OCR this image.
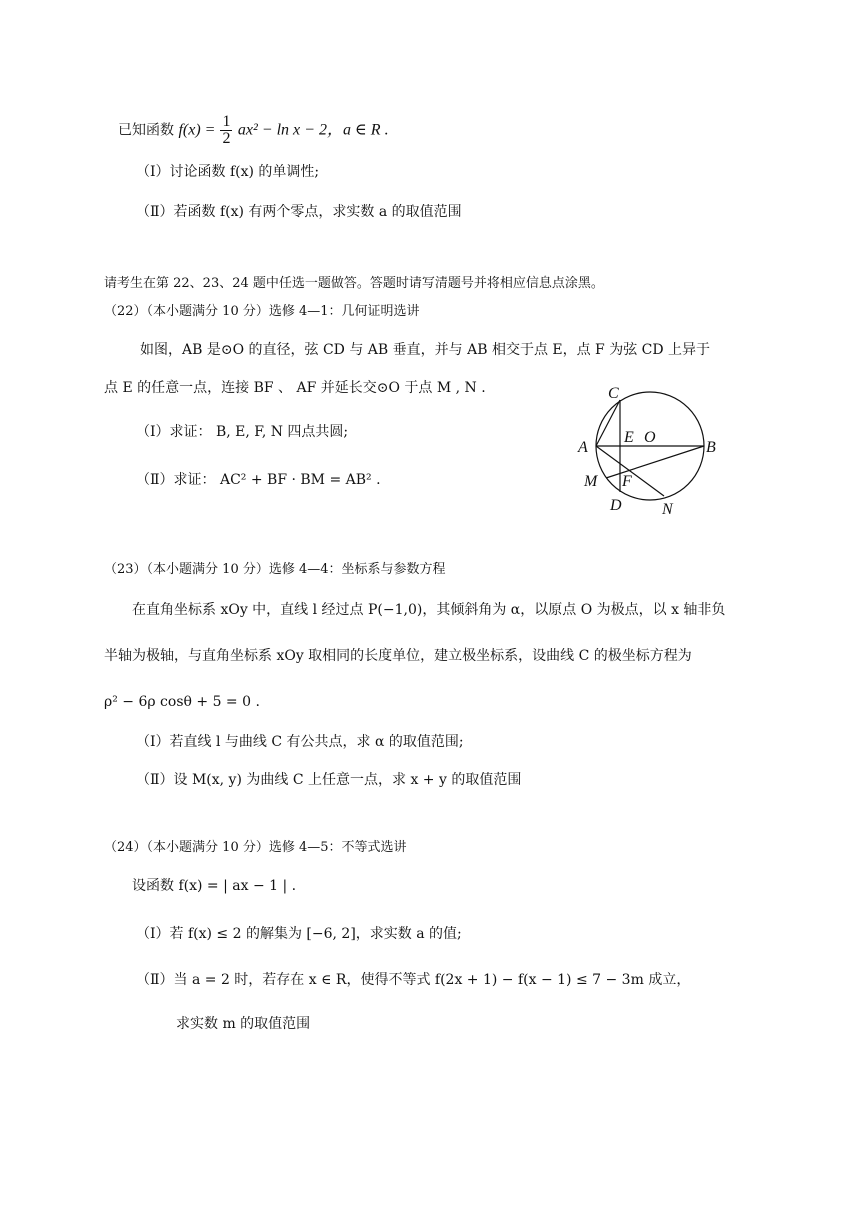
已知函数 $f(x) = \frac{1}{2} ax^2 - \ln x - 2$，a ∈ R .
（Ⅰ）讨论函数 f(x) 的单调性;
（Ⅱ）若函数 f(x) 有两个零点，求实数 a 的取值范围
请考生在第 22、23、24 题中任选一题做答。答题时请写清题号并将相应信息点涂黑。
（22）（本小题满分 10 分）选修 4—1：几何证明选讲
如图，AB 是⊙O 的直径，弦 CD 与 AB 垂直，并与 AB 相交于点 E，点 F 为弦 CD 上异于
点 E 的任意一点，连接 BF 、 AF 并延长交⊙O 于点 M , N .
（Ⅰ）求证： B, E, F, N 四点共圆;
（Ⅱ）求证： AC² + BF · BM = AB² .
C
E O
A	B
M F
D	N
（23）（本小题满分 10 分）选修 4—4：坐标系与参数方程
在直角坐标系 xOy 中，直线 l 经过点 P(−1,0)，其倾斜角为 α，以原点 O 为极点，以 x 轴非负
半轴为极轴，与直角坐标系 xOy 取相同的长度单位，建立极坐标系，设曲线 C 的极坐标方程为
ρ² − 6ρ cosθ + 5 = 0 .
（Ⅰ）若直线 l 与曲线 C 有公共点，求 α 的取值范围;
（Ⅱ）设 M(x, y) 为曲线 C 上任意一点，求 x + y 的取值范围
（24）（本小题满分 10 分）选修 4—5：不等式选讲
设函数 f(x) = | ax − 1 | .
（Ⅰ）若 f(x) ≤ 2 的解集为 [−6, 2]，求实数 a 的值;
（Ⅱ）当 a = 2 时，若存在 x ∈ R，使得不等式 f(2x + 1) − f(x − 1) ≤ 7 − 3m 成立，
求实数 m 的取值范围
